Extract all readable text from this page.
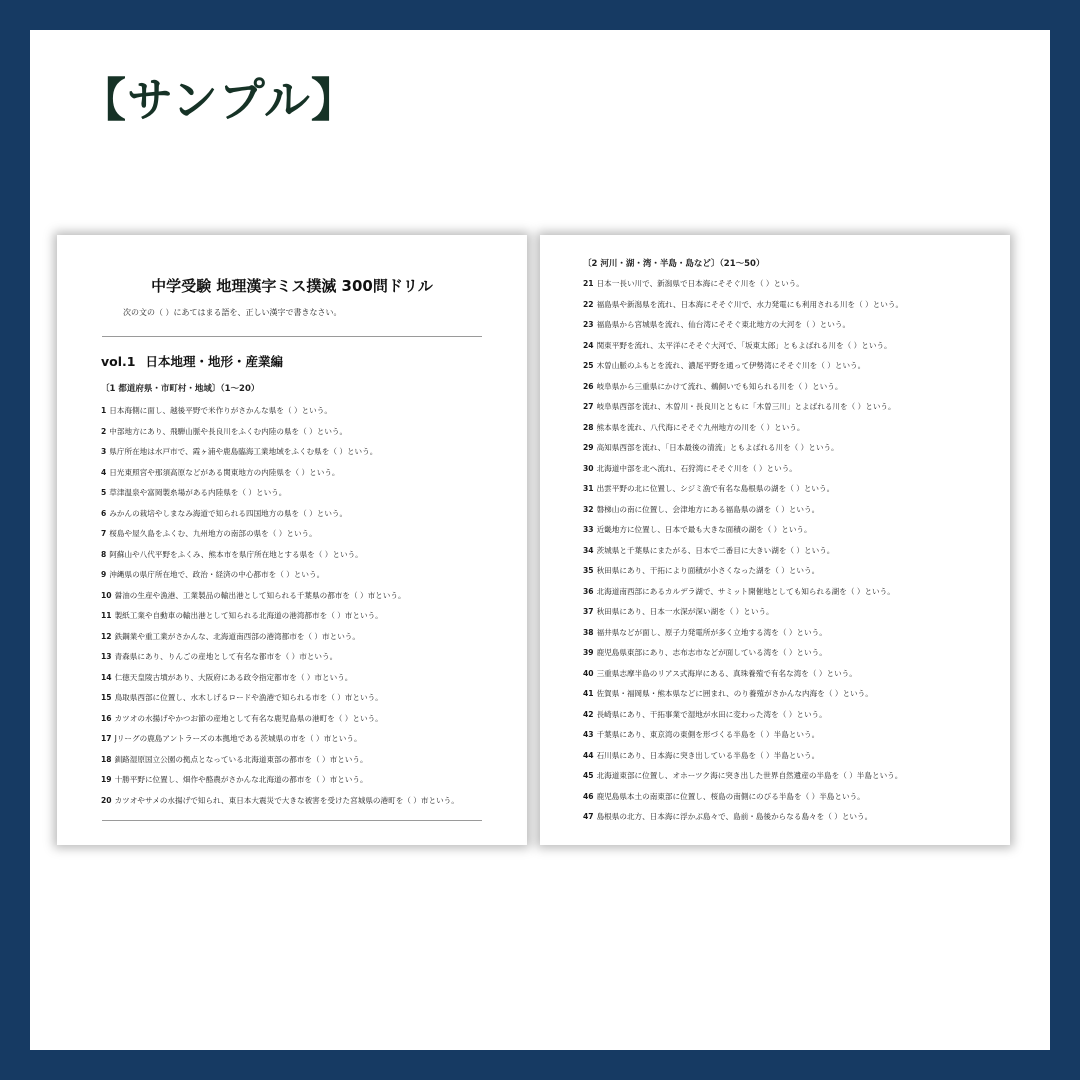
【サンプル】
中学受験 地理漢字ミス撲滅 300問ドリル
次の文の（ ）にあてはまる語を、正しい漢字で書きなさい。
vol.1 日本地理・地形・産業編
〔1 都道府県・市町村・地域〕（1〜20）
1 日本海側に面し、越後平野で米作りがさかんな県を（ ）という。
2 中部地方にあり、飛騨山脈や長良川をふくむ内陸の県を（ ）という。
3 県庁所在地は水戸市で、霞ヶ浦や鹿島臨海工業地域をふくむ県を（ ）という。
4 日光東照宮や那須高原などがある関東地方の内陸県を（ ）という。
5 草津温泉や富岡製糸場がある内陸県を（ ）という。
6 みかんの栽培やしまなみ海道で知られる四国地方の県を（ ）という。
7 桜島や屋久島をふくむ、九州地方の南部の県を（ ）という。
8 阿蘇山や八代平野をふくみ、熊本市を県庁所在地とする県を（ ）という。
9 沖縄県の県庁所在地で、政治・経済の中心都市を（ ）という。
10 醤油の生産や漁港、工業製品の輸出港として知られる千葉県の都市を（ ）市という。
11 製紙工業や自動車の輸出港として知られる北海道の港湾都市を（ ）市という。
12 鉄鋼業や重工業がさかんな、北海道南西部の港湾都市を（ ）市という。
13 青森県にあり、りんごの産地として有名な都市を（ ）市という。
14 仁徳天皇陵古墳があり、大阪府にある政令指定都市を（ ）市という。
15 鳥取県西部に位置し、水木しげるロードや漁港で知られる市を（ ）市という。
16 カツオの水揚げやかつお節の産地として有名な鹿児島県の港町を（ ）という。
17 Jリーグの鹿島アントラーズの本拠地である茨城県の市を（ ）市という。
18 釧路湿原国立公園の拠点となっている北海道東部の都市を（ ）市という。
19 十勝平野に位置し、畑作や酪農がさかんな北海道の都市を（ ）市という。
20 カツオやサメの水揚げで知られ、東日本大震災で大きな被害を受けた宮城県の港町を（ ）市という。
〔2 河川・湖・湾・半島・島など〕（21〜50）
21 日本一長い川で、新潟県で日本海にそそぐ川を（ ）という。
22 福島県や新潟県を流れ、日本海にそそぐ川で、水力発電にも利用される川を（ ）という。
23 福島県から宮城県を流れ、仙台湾にそそぐ東北地方の大河を（ ）という。
24 関東平野を流れ、太平洋にそそぐ大河で、「坂東太郎」ともよばれる川を（ ）という。
25 木曽山脈のふもとを流れ、濃尾平野を通って伊勢湾にそそぐ川を（ ）という。
26 岐阜県から三重県にかけて流れ、鵜飼いでも知られる川を（ ）という。
27 岐阜県西部を流れ、木曽川・長良川とともに「木曽三川」とよばれる川を（ ）という。
28 熊本県を流れ、八代海にそそぐ九州地方の川を（ ）という。
29 高知県西部を流れ、「日本最後の清流」ともよばれる川を（ ）という。
30 北海道中部を北へ流れ、石狩湾にそそぐ川を（ ）という。
31 出雲平野の北に位置し、シジミ漁で有名な島根県の湖を（ ）という。
32 磐梯山の南に位置し、会津地方にある福島県の湖を（ ）という。
33 近畿地方に位置し、日本で最も大きな面積の湖を（ ）という。
34 茨城県と千葉県にまたがる、日本で二番目に大きい湖を（ ）という。
35 秋田県にあり、干拓により面積が小さくなった湖を（ ）という。
36 北海道南西部にあるカルデラ湖で、サミット開催地としても知られる湖を（ ）という。
37 秋田県にあり、日本一水深が深い湖を（ ）という。
38 福井県などが面し、原子力発電所が多く立地する湾を（ ）という。
39 鹿児島県東部にあり、志布志市などが面している湾を（ ）という。
40 三重県志摩半島のリアス式海岸にある、真珠養殖で有名な湾を（ ）という。
41 佐賀県・福岡県・熊本県などに囲まれ、のり養殖がさかんな内海を（ ）という。
42 長崎県にあり、干拓事業で湿地が水田に変わった湾を（ ）という。
43 千葉県にあり、東京湾の東側を形づくる半島を（ ）半島という。
44 石川県にあり、日本海に突き出している半島を（ ）半島という。
45 北海道東部に位置し、オホーツク海に突き出した世界自然遺産の半島を（ ）半島という。
46 鹿児島県本土の南東部に位置し、桜島の南側にのびる半島を（ ）半島という。
47 島根県の北方、日本海に浮かぶ島々で、島前・島後からなる島々を（ ）という。
